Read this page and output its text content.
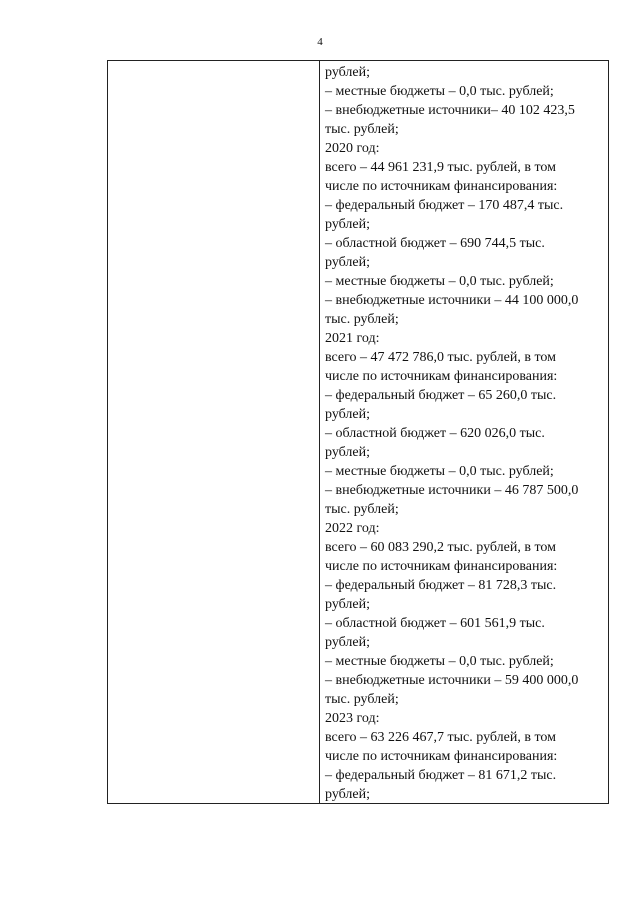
4
рублей;
– местные бюджеты – 0,0 тыс. рублей;
– внебюджетные источники– 40 102 423,5
тыс. рублей;
2020 год:
всего – 44 961 231,9 тыс. рублей, в том
числе по источникам финансирования:
– федеральный бюджет – 170 487,4 тыс.
рублей;
– областной бюджет – 690 744,5 тыс.
рублей;
– местные бюджеты – 0,0 тыс. рублей;
– внебюджетные источники – 44 100 000,0
тыс. рублей;
2021 год:
всего – 47 472 786,0 тыс. рублей, в том
числе по источникам финансирования:
– федеральный бюджет – 65 260,0 тыс.
рублей;
– областной бюджет – 620 026,0 тыс.
рублей;
– местные бюджеты – 0,0 тыс. рублей;
– внебюджетные источники – 46 787 500,0
тыс. рублей;
2022 год:
всего – 60 083 290,2 тыс. рублей, в том
числе по источникам финансирования:
– федеральный бюджет – 81 728,3 тыс.
рублей;
– областной бюджет – 601 561,9 тыс.
рублей;
– местные бюджеты – 0,0 тыс. рублей;
– внебюджетные источники – 59 400 000,0
тыс. рублей;
2023 год:
всего – 63 226 467,7 тыс. рублей, в том
числе по источникам финансирования:
– федеральный бюджет – 81 671,2 тыс.
рублей;
